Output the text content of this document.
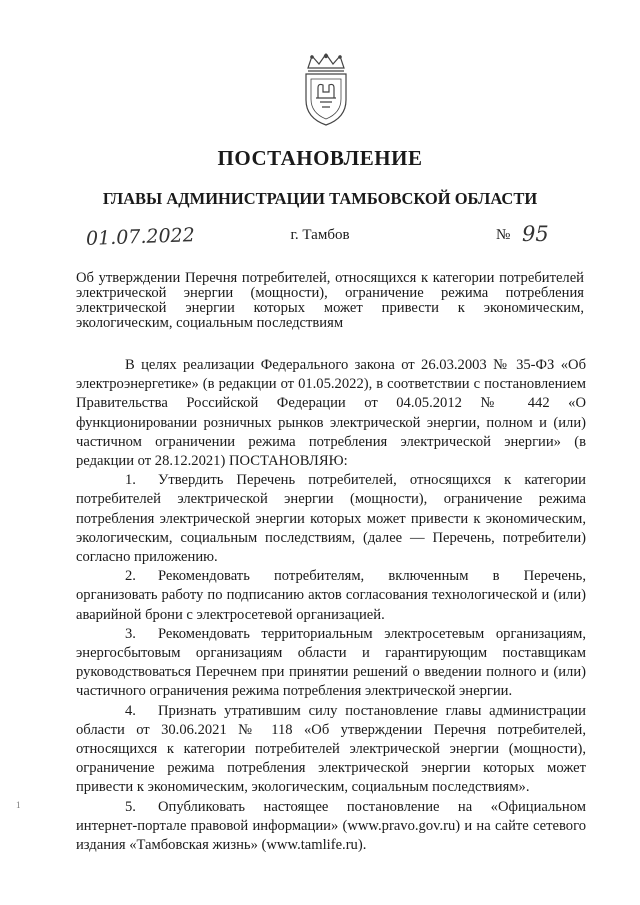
ПОСТАНОВЛЕНИЕ
ГЛАВЫ АДМИНИСТРАЦИИ ТАМБОВСКОЙ ОБЛАСТИ
01.07.2022	г. Тамбов	№ 95
Об утверждении Перечня потребителей, относящихся к категории потребителей электрической энергии (мощности), ограничение режима потребления электрической энергии которых может привести к экономическим, экологическим, социальным последствиям

В целях реализации Федерального закона от 26.03.2003 № 35-ФЗ «Об электроэнергетике» (в редакции от 01.05.2022), в соответствии с постановлением Правительства Российской Федерации от 04.05.2012 № 442 «О функционировании розничных рынков электрической энергии, полном и (или) частичном ограничении режима потребления электрической энергии» (в редакции от 28.12.2021) ПОСТАНОВЛЯЮ:

1. Утвердить Перечень потребителей, относящихся к категории потребителей электрической энергии (мощности), ограничение режима потребления электрической энергии которых может привести к экономическим, экологическим, социальным последствиям, (далее — Перечень, потребители) согласно приложению.

2. Рекомендовать потребителям, включенным в Перечень, организовать работу по подписанию актов согласования технологической и (или) аварийной брони с электросетевой организацией.

3. Рекомендовать территориальным электросетевым организациям, энергосбытовым организациям области и гарантирующим поставщикам руководствоваться Перечнем при принятии решений о введении полного и (или) частичного ограничения режима потребления электрической энергии.

4. Признать утратившим силу постановление главы администрации области от 30.06.2021 № 118 «Об утверждении Перечня потребителей, относящихся к категории потребителей электрической энергии (мощности), ограничение режима потребления электрической энергии которых может привести к экономическим, экологическим, социальным последствиям».

5. Опубликовать настоящее постановление на «Официальном интернет-портале правовой информации» (www.pravo.gov.ru) и на сайте сетевого издания «Тамбовская жизнь» (www.tamlife.ru).

1
